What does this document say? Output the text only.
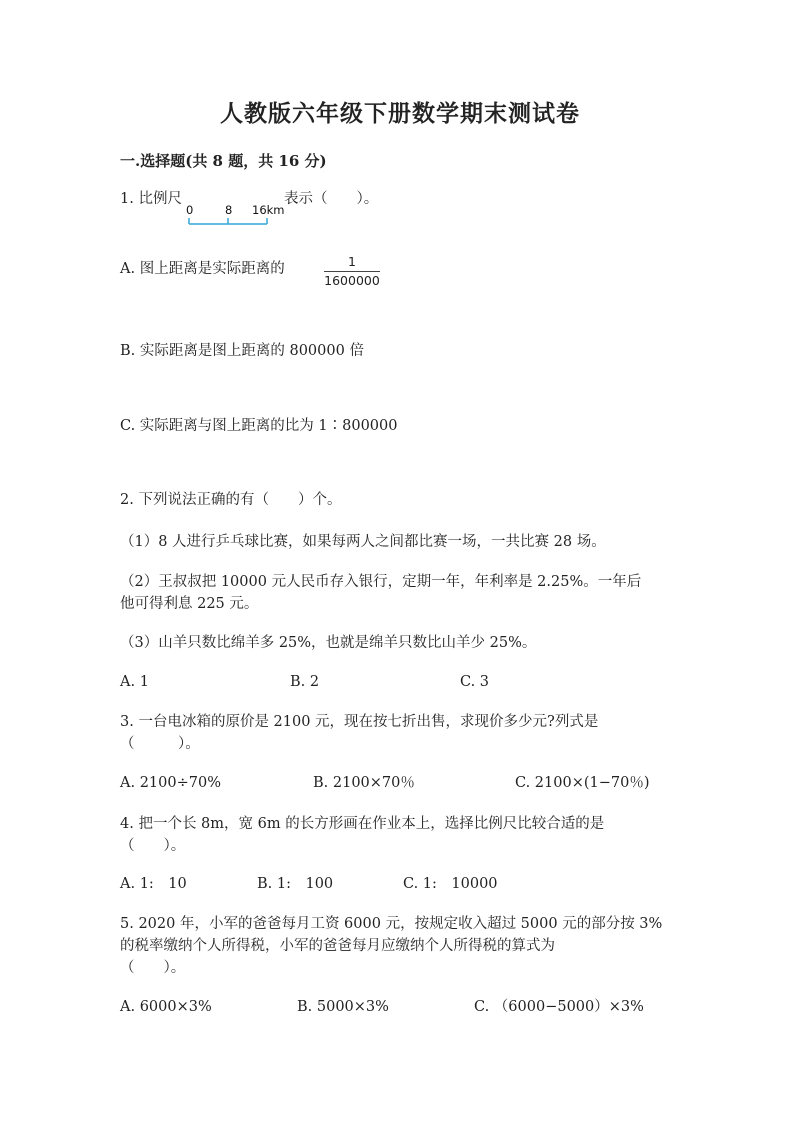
人教版六年级下册数学期末测试卷
一.选择题(共 8 题，共 16 分)
1. 比例尺
0	8 16km
表示（　　）。
A. 图上距离是实际距离的	1
1600000
B. 实际距离是图上距离的 800000 倍
C. 实际距离与图上距离的比为 1∶800000
2. 下列说法正确的有（　　）个。
（1）8 人进行乒乓球比赛，如果每两人之间都比赛一场，一共比赛 28 场。
（2）王叔叔把 10000 元人民币存入银行，定期一年，年利率是 2.25%。一年后
他可得利息 225 元。
（3）山羊只数比绵羊多 25%，也就是绵羊只数比山羊少 25%。
A. 1	B. 2	C. 3
3. 一台电冰箱的原价是 2100 元，现在按七折出售，求现价多少元?列式是
（　　　）。
A. 2100÷70%	B. 2100×70％	C. 2100×(1−70％)
4. 把一个长 8m，宽 6m 的长方形画在作业本上，选择比例尺比较合适的是
（　　）。
A. 1:　10	B. 1:　100	C. 1:　10000
5. 2020 年，小军的爸爸每月工资 6000 元，按规定收入超过 5000 元的部分按 3%
的税率缴纳个人所得税，小军的爸爸每月应缴纳个人所得税的算式为
（　　）。
A. 6000×3%	B. 5000×3%	C. （6000−5000）×3%
